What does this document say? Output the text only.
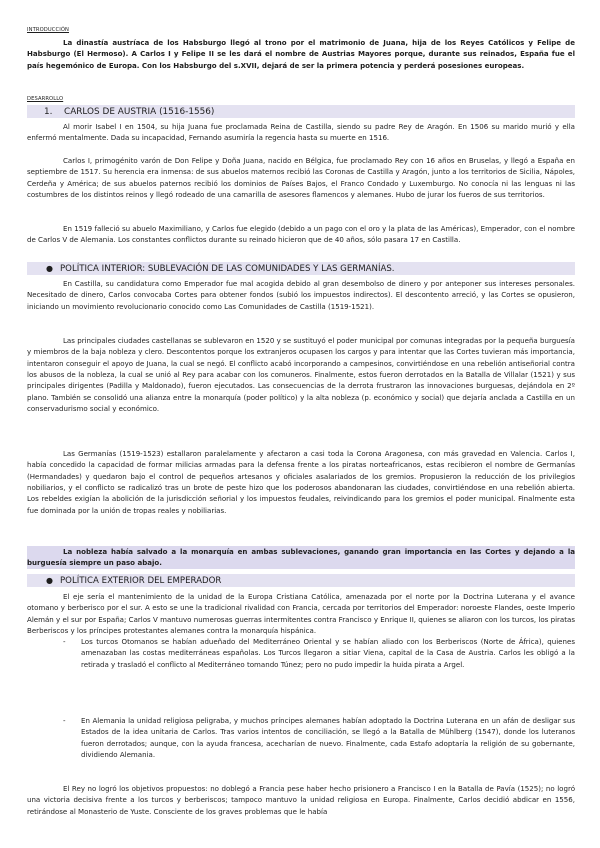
INTRODUCCIÓN
La dinastía austríaca de los Habsburgo llegó al trono por el matrimonio de Juana, hija de los Reyes Católicos y Felipe de Habsburgo (El Hermoso). A Carlos I y Felipe II se les dará el nombre de Austrias Mayores porque, durante sus reinados, España fue el país hegemónico de Europa. Con los Habsburgo del s.XVII, dejará de ser la primera potencia y perderá posesiones europeas.
DESARROLLO
1. CARLOS DE AUSTRIA (1516-1556)
Al morir Isabel I en 1504, su hija Juana fue proclamada Reina de Castilla, siendo su padre Rey de Aragón. En 1506 su marido murió y ella enfermó mentalmente. Dada su incapacidad, Fernando asumiría la regencia hasta su muerte en 1516.
Carlos I, primogénito varón de Don Felipe y Doña Juana, nacido en Bélgica, fue proclamado Rey con 16 años en Bruselas, y llegó a España en septiembre de 1517. Su herencia era inmensa: de sus abuelos maternos recibió las Coronas de Castilla y Aragón, junto a los territorios de Sicilia, Nápoles, Cerdeña y América; de sus abuelos paternos recibió los dominios de Países Bajos, el Franco Condado y Luxemburgo. No conocía ni las lenguas ni las costumbres de los distintos reinos y llegó rodeado de una camarilla de asesores flamencos y alemanes. Hubo de jurar los fueros de sus territorios.
En 1519 falleció su abuelo Maximiliano, y Carlos fue elegido (debido a un pago con el oro y la plata de las Américas), Emperador, con el nombre de Carlos V de Alemania. Los constantes conflictos durante su reinado hicieron que de 40 años, sólo pasara 17 en Castilla.
● POLÍTICA INTERIOR: SUBLEVACIÓN DE LAS COMUNIDADES Y LAS GERMANÍAS.
En Castilla, su candidatura como Emperador fue mal acogida debido al gran desembolso de dinero y por anteponer sus intereses personales. Necesitado de dinero, Carlos convocaba Cortes para obtener fondos (subió los impuestos indirectos). El descontento arreció, y las Cortes se opusieron, iniciando un movimiento revolucionario conocido como Las Comunidades de Castilla (1519-1521).
Las principales ciudades castellanas se sublevaron en 1520 y se sustituyó el poder municipal por comunas integradas por la pequeña burguesía y miembros de la baja nobleza y clero. Descontentos porque los extranjeros ocupasen los cargos y para intentar que las Cortes tuvieran más importancia, intentaron conseguir el apoyo de Juana, la cual se negó. El conflicto acabó incorporando a campesinos, convirtiéndose en una rebelión antiseñorial contra los abusos de la nobleza, la cual se unió al Rey para acabar con los comuneros. Finalmente, estos fueron derrotados en la Batalla de Villalar (1521) y sus principales dirigentes (Padilla y Maldonado), fueron ejecutados. Las consecuencias de la derrota frustraron las innovaciones burguesas, dejándola en 2º plano. También se consolidó una alianza entre la monarquía (poder político) y la alta nobleza (p. económico y social) que dejaría anclada a Castilla en un conservadurismo social y económico.
Las Germanías (1519-1523) estallaron paralelamente y afectaron a casi toda la Corona Aragonesa, con más gravedad en Valencia. Carlos I, había concedido la capacidad de formar milicias armadas para la defensa frente a los piratas norteafricanos, estas recibieron el nombre de Germanías (Hermandades) y quedaron bajo el control de pequeños artesanos y oficiales asalariados de los gremios. Propusieron la reducción de los privilegios nobiliarios, y el conflicto se radicalizó tras un brote de peste hizo que los poderosos abandonaran las ciudades, convirtiéndose en una rebelión abierta. Los rebeldes exigían la abolición de la jurisdicción señorial y los impuestos feudales, reivindicando para los gremios el poder municipal. Finalmente esta fue dominada por la unión de tropas reales y nobiliarias.
La nobleza había salvado a la monarquía en ambas sublevaciones, ganando gran importancia en las Cortes y dejando a la burguesía siempre un paso abajo.
● POLÍTICA EXTERIOR DEL EMPERADOR
El eje sería el mantenimiento de la unidad de la Europa Cristiana Católica, amenazada por el norte por la Doctrina Luterana y el avance otomano y berberisco por el sur. A esto se une la tradicional rivalidad con Francia, cercada por territorios del Emperador: noroeste Flandes, oeste Imperio Alemán y el sur por España; Carlos V mantuvo numerosas guerras intermitentes contra Francisco y Enrique II, quienes se aliaron con los turcos, los piratas Berberiscos y los príncipes protestantes alemanes contra la monarquía hispánica.
-	Los turcos Otomanos se habían adueñado del Mediterráneo Oriental y se habían aliado con los Berberiscos (Norte de África), quienes amenazaban las costas mediterráneas españolas. Los Turcos llegaron a sitiar Viena, capital de la Casa de Austria. Carlos les obligó a la retirada y trasladó el conflicto al Mediterráneo tomando Túnez; pero no pudo impedir la huida pirata a Argel.
-	En Alemania la unidad religiosa peligraba, y muchos príncipes alemanes habían adoptado la Doctrina Luterana en un afán de desligar sus Estados de la idea unitaria de Carlos. Tras varios intentos de conciliación, se llegó a la Batalla de Mühlberg (1547), donde los luteranos fueron derrotados; aunque, con la ayuda francesa, acecharían de nuevo. Finalmente, cada Estafo adoptaría la religión de su gobernante, dividiendo Alemania.
El Rey no logró los objetivos propuestos: no doblegó a Francia pese haber hecho prisionero a Francisco I en la Batalla de Pavía (1525); no logró una victoria decisiva frente a los turcos y berberiscos; tampoco mantuvo la unidad religiosa en Europa. Finalmente, Carlos decidió abdicar en 1556, retirándose al Monasterio de Yuste. Consciente de los graves problemas que le había
